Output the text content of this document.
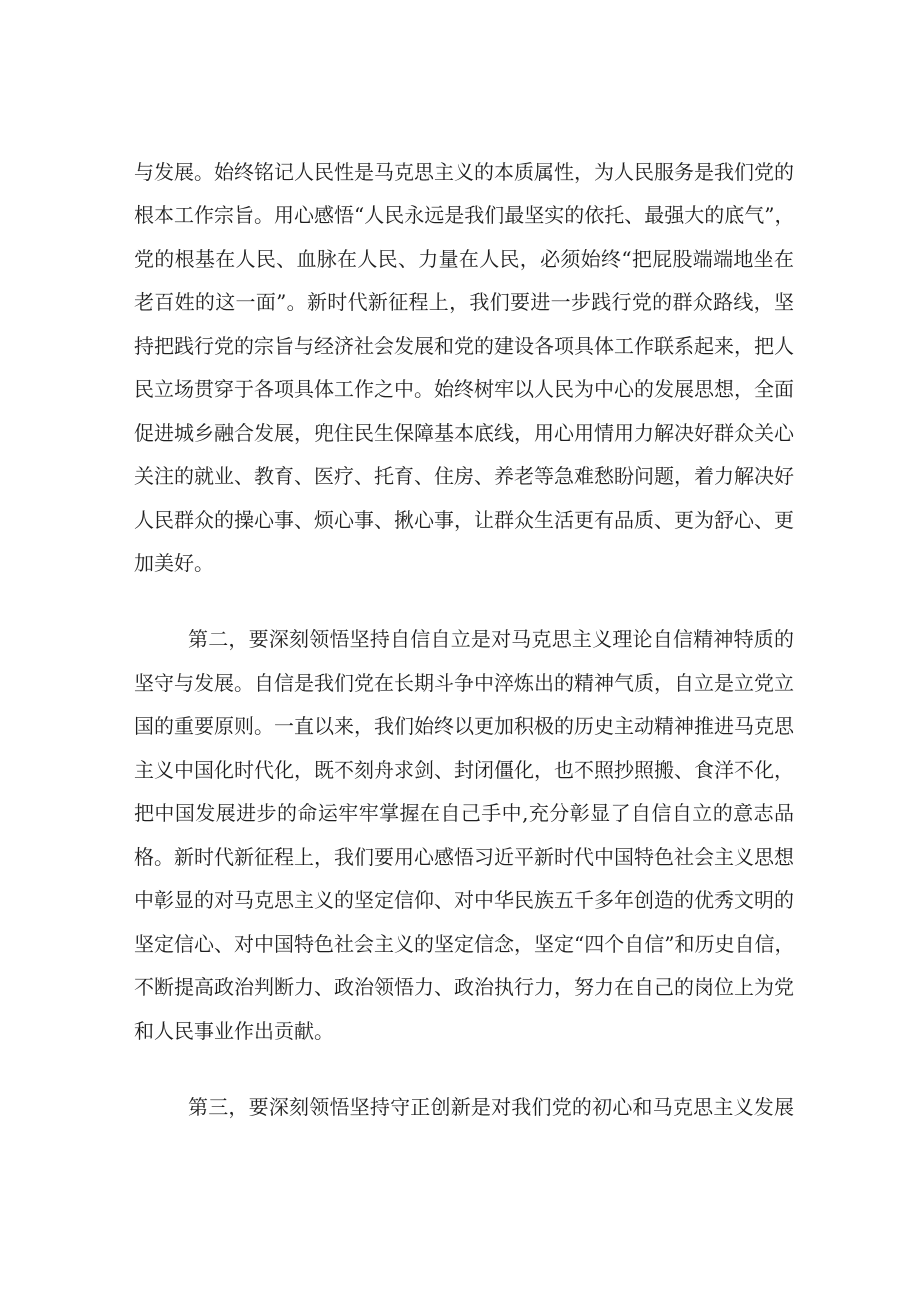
与发展。始终铭记人民性是马克思主义的本质属性，为人民服务是我们党的
根本工作宗旨。用心感悟“人民永远是我们最坚实的依托、最强大的底气”，
党的根基在人民、血脉在人民、力量在人民，必须始终“把屁股端端地坐在
老百姓的这一面”。新时代新征程上，我们要进一步践行党的群众路线，坚
持把践行党的宗旨与经济社会发展和党的建设各项具体工作联系起来，把人
民立场贯穿于各项具体工作之中。始终树牢以人民为中心的发展思想，全面
促进城乡融合发展，兜住民生保障基本底线，用心用情用力解决好群众关心
关注的就业、教育、医疗、托育、住房、养老等急难愁盼问题，着力解决好
人民群众的操心事、烦心事、揪心事，让群众生活更有品质、更为舒心、更
加美好。
第二，要深刻领悟坚持自信自立是对马克思主义理论自信精神特质的
坚守与发展。自信是我们党在长期斗争中淬炼出的精神气质，自立是立党立
国的重要原则。一直以来，我们始终以更加积极的历史主动精神推进马克思
主义中国化时代化，既不刻舟求剑、封闭僵化，也不照抄照搬、食洋不化，
把中国发展进步的命运牢牢掌握在自己手中,充分彰显了自信自立的意志品
格。新时代新征程上，我们要用心感悟习近平新时代中国特色社会主义思想
中彰显的对马克思主义的坚定信仰、对中华民族五千多年创造的优秀文明的
坚定信心、对中国特色社会主义的坚定信念，坚定“四个自信”和历史自信，
不断提高政治判断力、政治领悟力、政治执行力，努力在自己的岗位上为党
和人民事业作出贡献。
第三，要深刻领悟坚持守正创新是对我们党的初心和马克思主义发展
